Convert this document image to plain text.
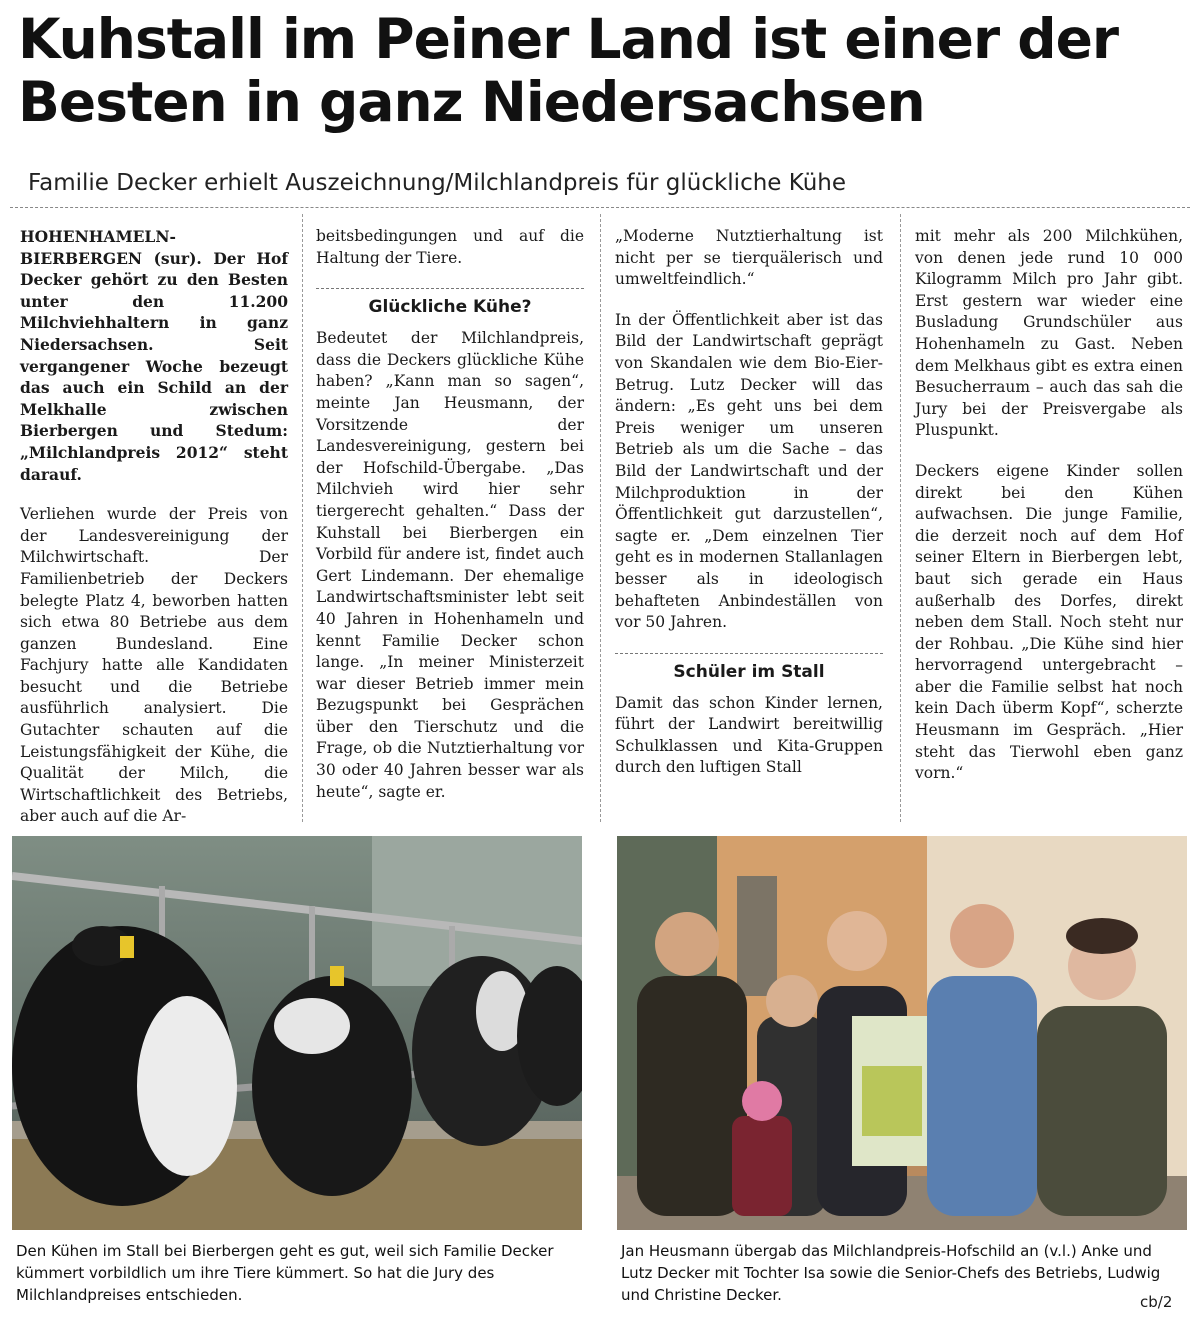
Kuhstall im Peiner Land ist einer der Besten in ganz Niedersachsen

Familie Decker erhielt Auszeichnung/Milchlandpreis für glückliche Kühe

HOHENHAMELN-BIERBERGEN (sur). Der Hof Decker gehört zu den Besten unter den 11.200 Milchviehhaltern in ganz Niedersachsen. Seit vergangener Woche bezeugt das auch ein Schild an der Melkhalle zwischen Bierbergen und Stedum: „Milchlandpreis 2012“ steht darauf.

Verliehen wurde der Preis von der Landesvereinigung der Milchwirtschaft. Der Familienbetrieb der Deckers belegte Platz 4, beworben hatten sich etwa 80 Betriebe aus dem ganzen Bundesland. Eine Fachjury hatte alle Kandidaten besucht und die Betriebe ausführlich analysiert. Die Gutachter schauten auf die Leistungsfähigkeit der Kühe, die Qualität der Milch, die Wirtschaftlichkeit des Betriebs, aber auch auf die Ar-

beitsbedingungen und auf die Haltung der Tiere.

Glückliche Kühe?

Bedeutet der Milchlandpreis, dass die Deckers glückliche Kühe haben? „Kann man so sagen“, meinte Jan Heusmann, der Vorsitzende der Landesvereinigung, gestern bei der Hofschild-Übergabe. „Das Milchvieh wird hier sehr tiergerecht gehalten.“ Dass der Kuhstall bei Bierbergen ein Vorbild für andere ist, findet auch Gert Lindemann. Der ehemalige Landwirtschaftsminister lebt seit 40 Jahren in Hohenhameln und kennt Familie Decker schon lange. „In meiner Ministerzeit war dieser Betrieb immer mein Bezugspunkt bei Gesprächen über den Tierschutz und die Frage, ob die Nutztierhaltung vor 30 oder 40 Jahren besser war als heute“, sagte er.

„Moderne Nutztierhaltung ist nicht per se tierquälerisch und umweltfeindlich.“

In der Öffentlichkeit aber ist das Bild der Landwirtschaft geprägt von Skandalen wie dem Bio-Eier-Betrug. Lutz Decker will das ändern: „Es geht uns bei dem Preis weniger um unseren Betrieb als um die Sache – das Bild der Landwirtschaft und der Milchproduktion in der Öffentlichkeit gut darzustellen“, sagte er. „Dem einzelnen Tier geht es in modernen Stallanlagen besser als in ideologisch behafteten Anbindeställen von vor 50 Jahren.

Schüler im Stall

Damit das schon Kinder lernen, führt der Landwirt bereitwillig Schulklassen und Kita-Gruppen durch den luftigen Stall

mit mehr als 200 Milchkühen, von denen jede rund 10 000 Kilogramm Milch pro Jahr gibt. Erst gestern war wieder eine Busladung Grundschüler aus Hohenhameln zu Gast. Neben dem Melkhaus gibt es extra einen Besucherraum – auch das sah die Jury bei der Preisvergabe als Pluspunkt.

Deckers eigene Kinder sollen direkt bei den Kühen aufwachsen. Die junge Familie, die derzeit noch auf dem Hof seiner Eltern in Bierbergen lebt, baut sich gerade ein Haus außerhalb des Dorfes, direkt neben dem Stall. Noch steht nur der Rohbau. „Die Kühe sind hier hervorragend untergebracht – aber die Familie selbst hat noch kein Dach überm Kopf“, scherzte Heusmann im Gespräch. „Hier steht das Tierwohl eben ganz vorn.“

Den Kühen im Stall bei Bierbergen geht es gut, weil sich Familie Decker kümmert vorbildlich um ihre Tiere kümmert. So hat die Jury des Milchlandpreises entschieden.
Jan Heusmann übergab das Milchlandpreis-Hofschild an (v.l.) Anke und Lutz Decker mit Tochter Isa sowie die Senior-Chefs des Betriebs, Ludwig und Christine Decker.	cb/2
